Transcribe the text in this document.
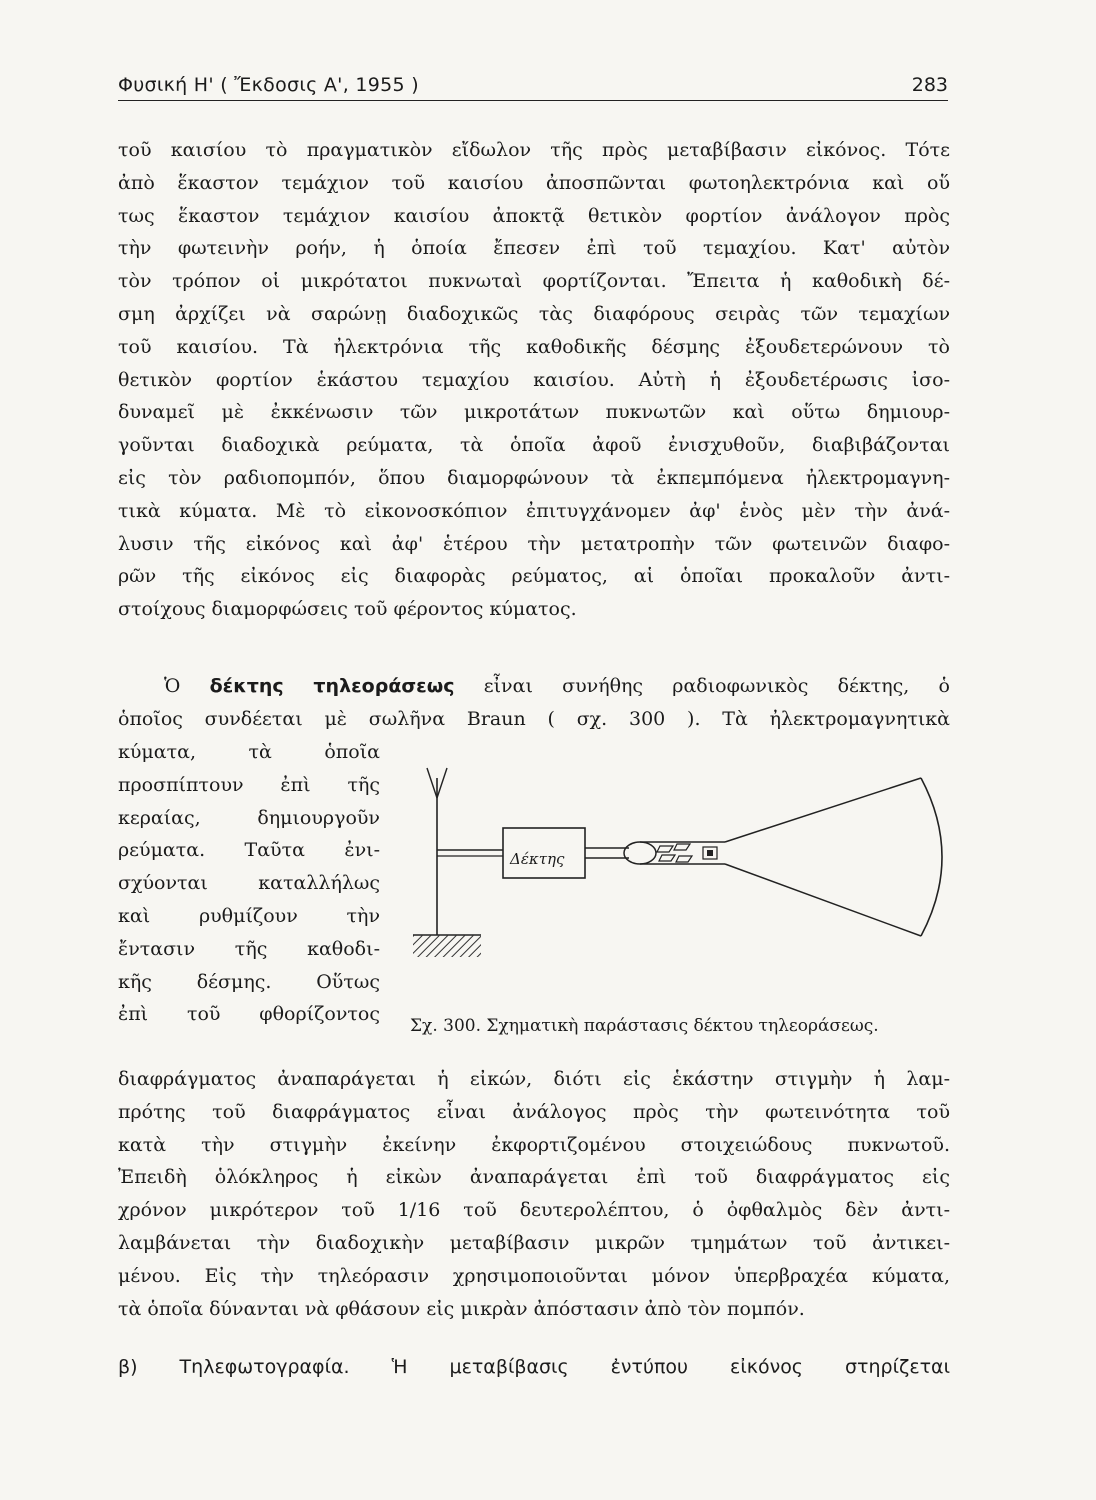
Φυσική Η' ( Ἔκδοσις Α', 1955 )	283
τοῦ καισίου τὸ πραγματικὸν εἴδωλον τῆς πρὸς μεταβίβασιν εἰκόνος. Τότε
ἀπὸ ἕκαστον τεμάχιον τοῦ καισίου ἀποσπῶνται φωτοηλεκτρόνια καὶ οὕ
τως ἕκαστον τεμάχιον καισίου ἀποκτᾷ θετικὸν φορτίον ἀνάλογον πρὸς
τὴν φωτεινὴν ροήν, ἡ ὁποία ἔπεσεν ἐπὶ τοῦ τεμαχίου. Κατ' αὐτὸν
τὸν τρόπον οἱ μικρότατοι πυκνωταὶ φορτίζονται. Ἔπειτα ἡ καθοδικὴ δέ-
σμη ἀρχίζει νὰ σαρώνῃ διαδοχικῶς τὰς διαφόρους σειρὰς τῶν τεμαχίων
τοῦ καισίου. Τὰ ἠλεκτρόνια τῆς καθοδικῆς δέσμης ἐξουδετερώνουν τὸ
θετικὸν φορτίον ἑκάστου τεμαχίου καισίου. Αὐτὴ ἡ ἐξουδετέρωσις ἰσο-
δυναμεῖ μὲ ἐκκένωσιν τῶν μικροτάτων πυκνωτῶν καὶ οὕτω δημιουρ-
γοῦνται διαδοχικὰ ρεύματα, τὰ ὁποῖα ἀφοῦ ἐνισχυθοῦν, διαβιβάζονται
εἰς τὸν ραδιοπομπόν, ὅπου διαμορφώνουν τὰ ἐκπεμπόμενα ἠλεκτρομαγνη-
τικὰ κύματα. Μὲ τὸ εἰκονοσκόπιον ἐπιτυγχάνομεν ἀφ' ἑνὸς μὲν τὴν ἀνά-
λυσιν τῆς εἰκόνος καὶ ἀφ' ἑτέρου τὴν μετατροπὴν τῶν φωτεινῶν διαφο-
ρῶν τῆς εἰκόνος εἰς διαφορὰς ρεύματος, αἱ ὁποῖαι προκαλοῦν ἀντι-
στοίχους διαμορφώσεις τοῦ φέροντος κύματος.
Ὁ δέκτης τηλεοράσεως εἶναι συνήθης ραδιοφωνικὸς δέκτης, ὁ
ὁποῖος συνδέεται μὲ σωλῆνα Braun ( σχ. 300 ). Τὰ ἠλεκτρομαγνητικὰ
κύματα, τὰ ὁποῖα
προσπίπτουν ἐπὶ τῆς
κεραίας, δημιουργοῦν
ρεύματα. Ταῦτα ἐνι-
σχύονται καταλλήλως
καὶ ρυθμίζουν τὴν
ἔντασιν τῆς καθοδι-
κῆς δέσμης. Οὕτως
ἐπὶ τοῦ φθορίζοντος
Δέκτης
Σχ. 300. Σχηματικὴ παράστασις δέκτου τηλεοράσεως.
διαφράγματος ἀναπαράγεται ἡ εἰκών, διότι εἰς ἑκάστην στιγμὴν ἡ λαμ-
πρότης τοῦ διαφράγματος εἶναι ἀνάλογος πρὸς τὴν φωτεινότητα τοῦ
κατὰ τὴν στιγμὴν ἐκείνην ἐκφορτιζομένου στοιχειώδους πυκνωτοῦ.
Ἐπειδὴ ὁλόκληρος ἡ εἰκὼν ἀναπαράγεται ἐπὶ τοῦ διαφράγματος εἰς
χρόνον μικρότερον τοῦ 1/16 τοῦ δευτερολέπτου, ὁ ὀφθαλμὸς δὲν ἀντι-
λαμβάνεται τὴν διαδοχικὴν μεταβίβασιν μικρῶν τμημάτων τοῦ ἀντικει-
μένου. Εἰς τὴν τηλεόρασιν χρησιμοποιοῦνται μόνον ὑπερβραχέα κύματα,
τὰ ὁποῖα δύνανται νὰ φθάσουν εἰς μικρὰν ἀπόστασιν ἀπὸ τὸν πομπόν.
β) Τηλεφωτογραφία. Ἡ μεταβίβασις ἐντύπου εἰκόνος στηρίζεται
